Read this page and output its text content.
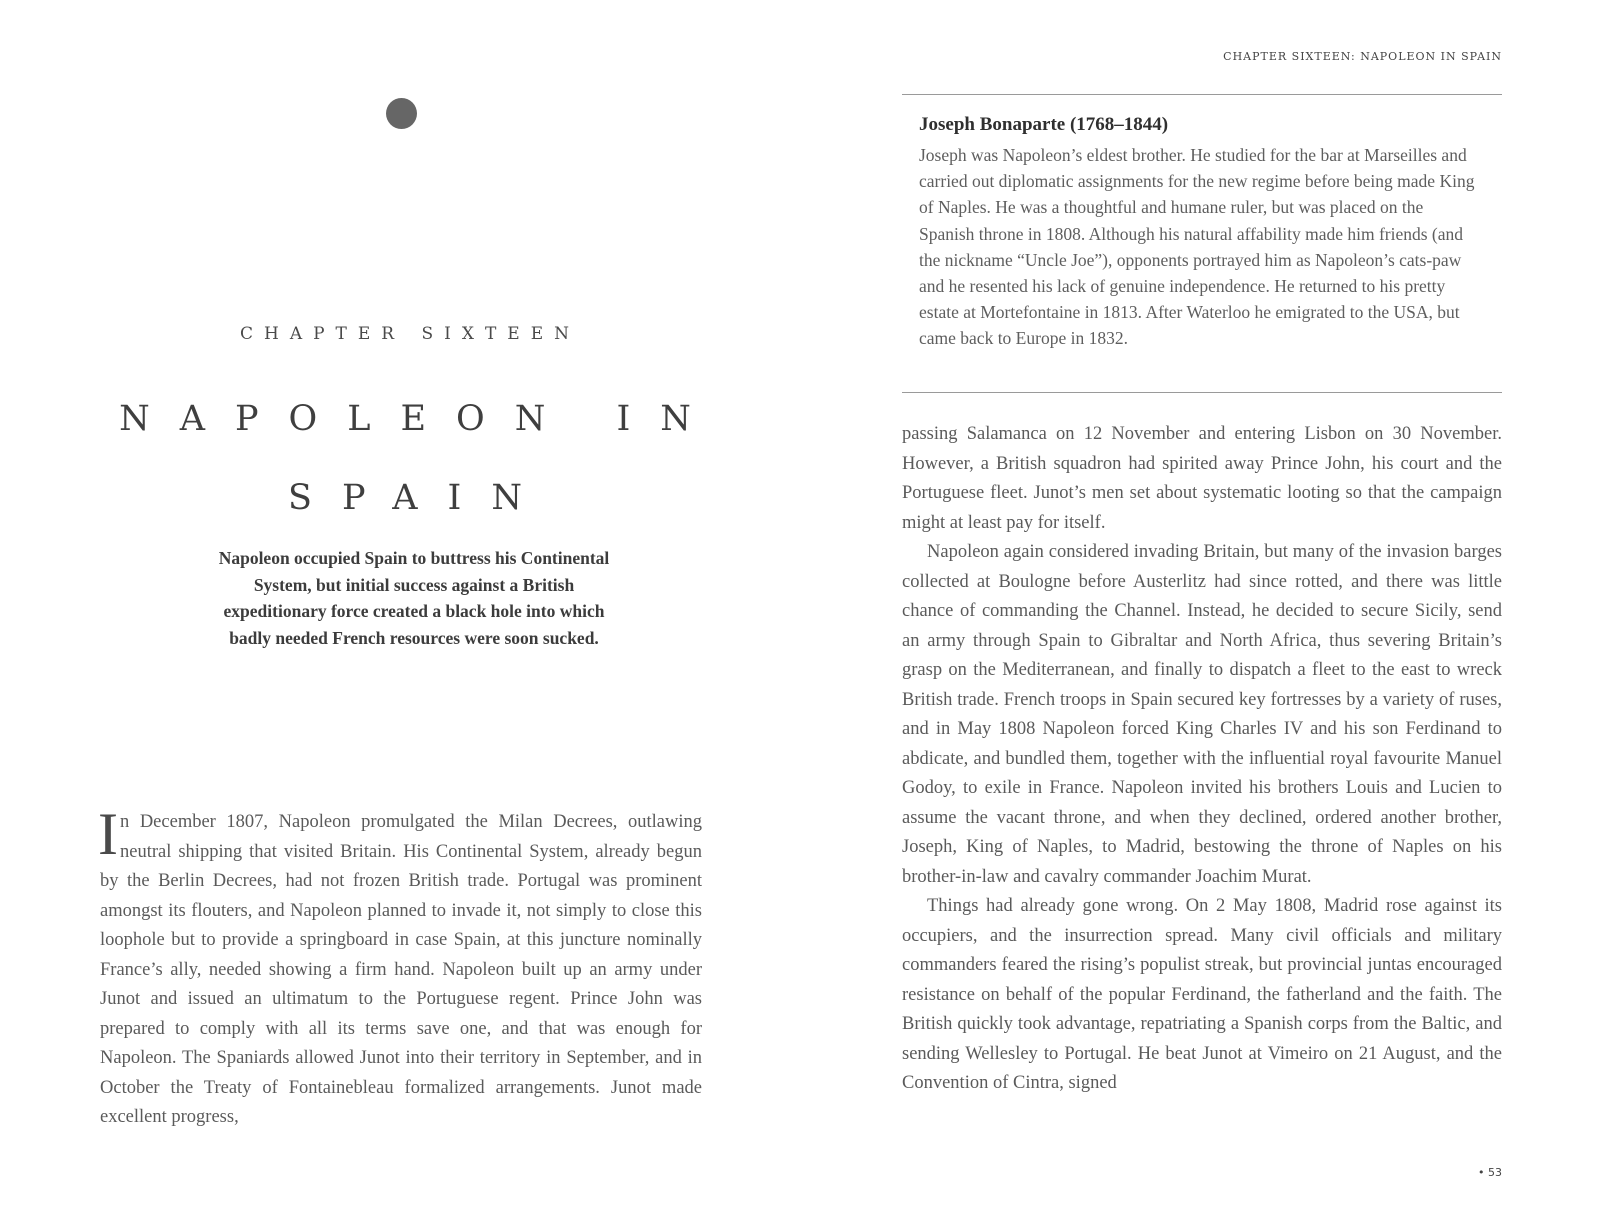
CHAPTER SIXTEEN

NAPOLEON IN
SPAIN

Napoleon occupied Spain to buttress his Continental System, but initial success against a British expeditionary force created a black hole into which badly needed French resources were soon sucked.

In December 1807, Napoleon promulgated the Milan Decrees, outlawing neutral shipping that visited Britain. His Continental System, already begun by the Berlin Decrees, had not frozen British trade. Portugal was prominent amongst its flouters, and Napoleon planned to invade it, not simply to close this loophole but to provide a springboard in case Spain, at this juncture nominally France’s ally, needed showing a firm hand. Napoleon built up an army under Junot and issued an ultimatum to the Portuguese regent. Prince John was prepared to comply with all its terms save one, and that was enough for Napoleon. The Spaniards allowed Junot into their territory in September, and in October the Treaty of Fontainebleau formalized arrangements. Junot made excellent progress,

CHAPTER SIXTEEN: NAPOLEON IN SPAIN

Joseph Bonaparte (1768–1844)

Joseph was Napoleon’s eldest brother. He studied for the bar at Marseilles and carried out diplomatic assignments for the new regime before being made King of Naples. He was a thoughtful and humane ruler, but was placed on the Spanish throne in 1808. Although his natural affability made him friends (and the nickname “Uncle Joe”), opponents portrayed him as Napoleon’s cats-paw and he resented his lack of genuine independence. He returned to his pretty estate at Mortefontaine in 1813. After Waterloo he emigrated to the USA, but came back to Europe in 1832.

passing Salamanca on 12 November and entering Lisbon on 30 November. However, a British squadron had spirited away Prince John, his court and the Portuguese fleet. Junot’s men set about systematic looting so that the campaign might at least pay for itself.

Napoleon again considered invading Britain, but many of the invasion barges collected at Boulogne before Austerlitz had since rotted, and there was little chance of commanding the Channel. Instead, he decided to secure Sicily, send an army through Spain to Gibraltar and North Africa, thus severing Britain’s grasp on the Mediterranean, and finally to dispatch a fleet to the east to wreck British trade. French troops in Spain secured key fortresses by a variety of ruses, and in May 1808 Napoleon forced King Charles IV and his son Ferdinand to abdicate, and bundled them, together with the influential royal favourite Manuel Godoy, to exile in France. Napoleon invited his brothers Louis and Lucien to assume the vacant throne, and when they declined, ordered another brother, Joseph, King of Naples, to Madrid, bestowing the throne of Naples on his brother-in-law and cavalry commander Joachim Murat.

Things had already gone wrong. On 2 May 1808, Madrid rose against its occupiers, and the insurrection spread. Many civil officials and military commanders feared the rising’s populist streak, but provincial juntas encouraged resistance on behalf of the popular Ferdinand, the fatherland and the faith. The British quickly took advantage, repatriating a Spanish corps from the Baltic, and sending Wellesley to Portugal. He beat Junot at Vimeiro on 21 August, and the Convention of Cintra, signed

• 53
